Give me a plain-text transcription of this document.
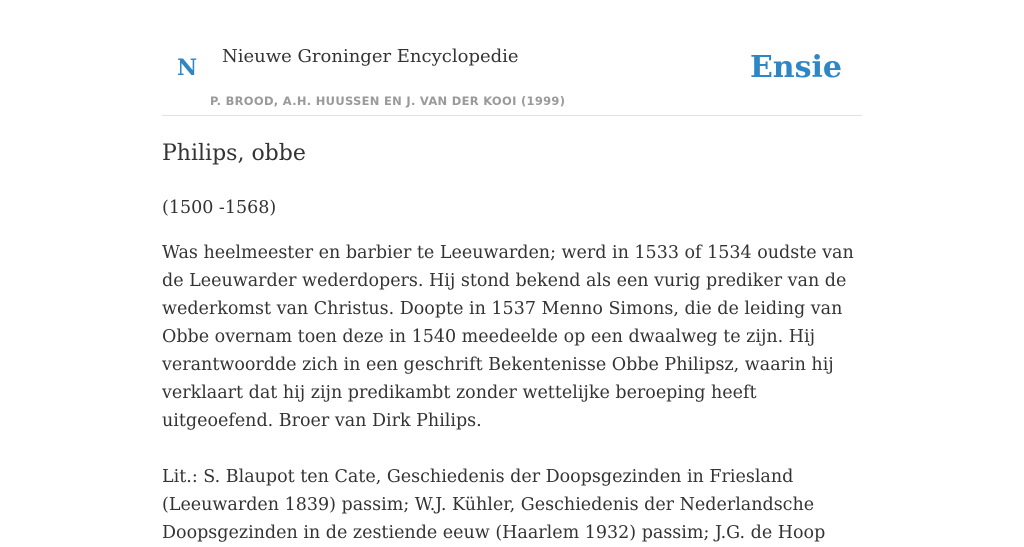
N Nieuwe Groninger Encyclopedie
P. BROOD, A.H. HUUSSEN EN J. VAN DER KOOI (1999)
Ensie
Philips, obbe

(1500 -1568)

Was heelmeester en barbier te Leeuwarden; werd in 1533 of 1534 oudste van de Leeuwarder wederdopers. Hij stond bekend als een vurig prediker van de wederkomst van Christus. Doopte in 1537 Menno Simons, die de leiding van Obbe overnam toen deze in 1540 meedeelde op een dwaalweg te zijn. Hij verantwoordde zich in een geschrift Bekentenisse Obbe Philipsz, waarin hij verklaart dat hij zijn predikambt zonder wettelijke beroeping heeft uitgeoefend. Broer van Dirk Philips.

Lit.: S. Blaupot ten Cate, Geschiedenis der Doopsgezinden in Friesland (Leeuwarden 1839) passim; W.J. Kühler, Geschiedenis der Nederlandsche Doopsgezinden in de zestiende eeuw (Haarlem 1932) passim; J.G. de Hoop
